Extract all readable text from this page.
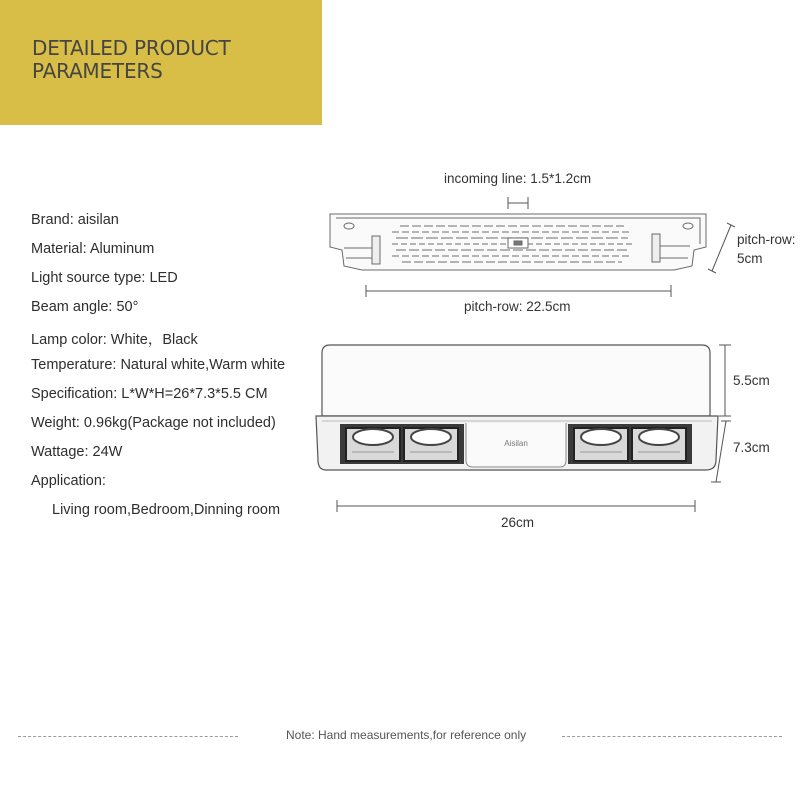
DETAILED PRODUCT
PARAMETERS
Brand: aisilan
Material: Aluminum
Light source type: LED
Beam angle: 50°
Lamp color: White，Black
Temperature: Natural white,Warm white
Specification: L*W*H=26*7.3*5.5 CM
Weight: 0.96kg(Package not included)
Wattage: 24W
Application:
Living room,Bedroom,Dinning room
Aisilan
incoming line: 1.5*1.2cm
pitch-row:
5cm
pitch-row: 22.5cm
5.5cm
7.3cm
26cm
Note: Hand measurements,for reference only
